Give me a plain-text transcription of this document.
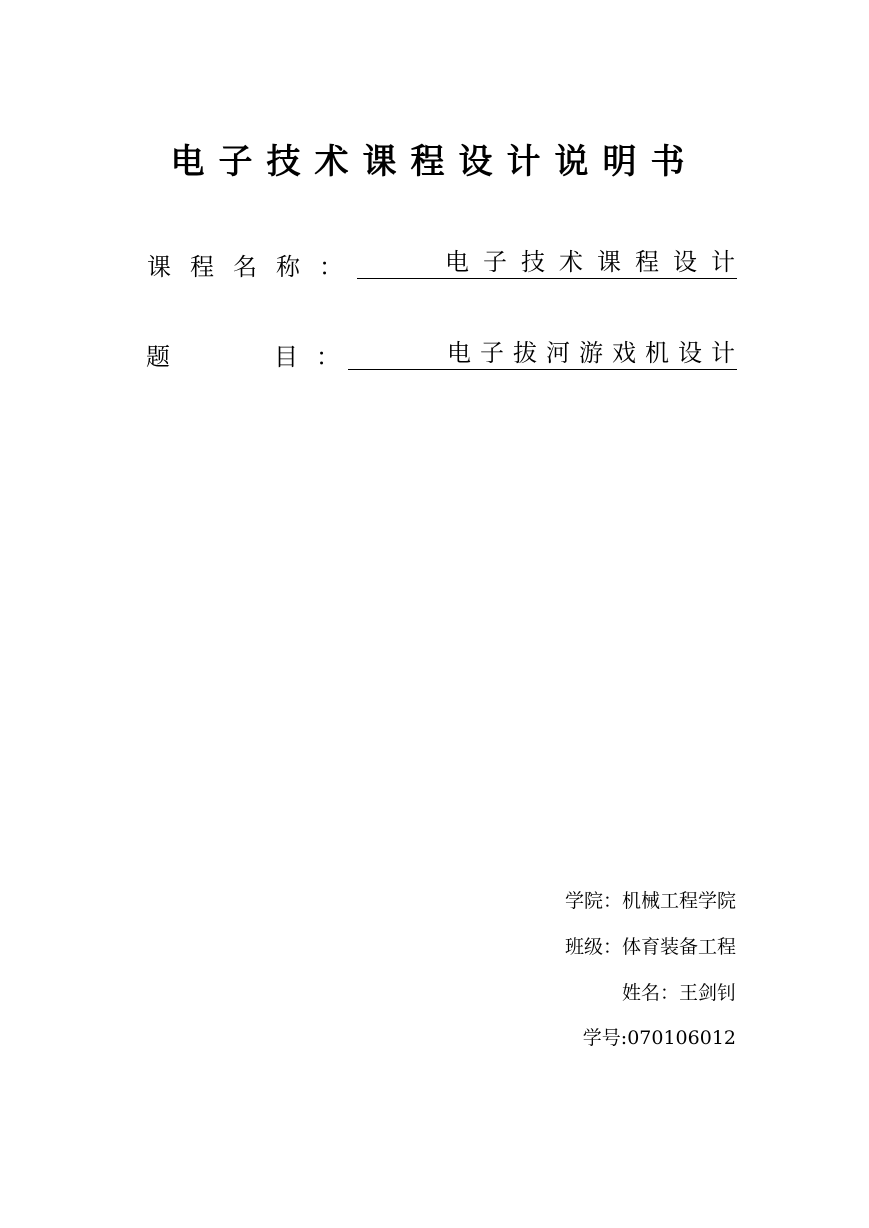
电子技术课程设计说明书
课程名称：	电子技术课程设计
题	目：	电子拔河游戏机设计
学院：机械工程学院
班级：体育装备工程
姓名：王剑钊
学号:070106012
